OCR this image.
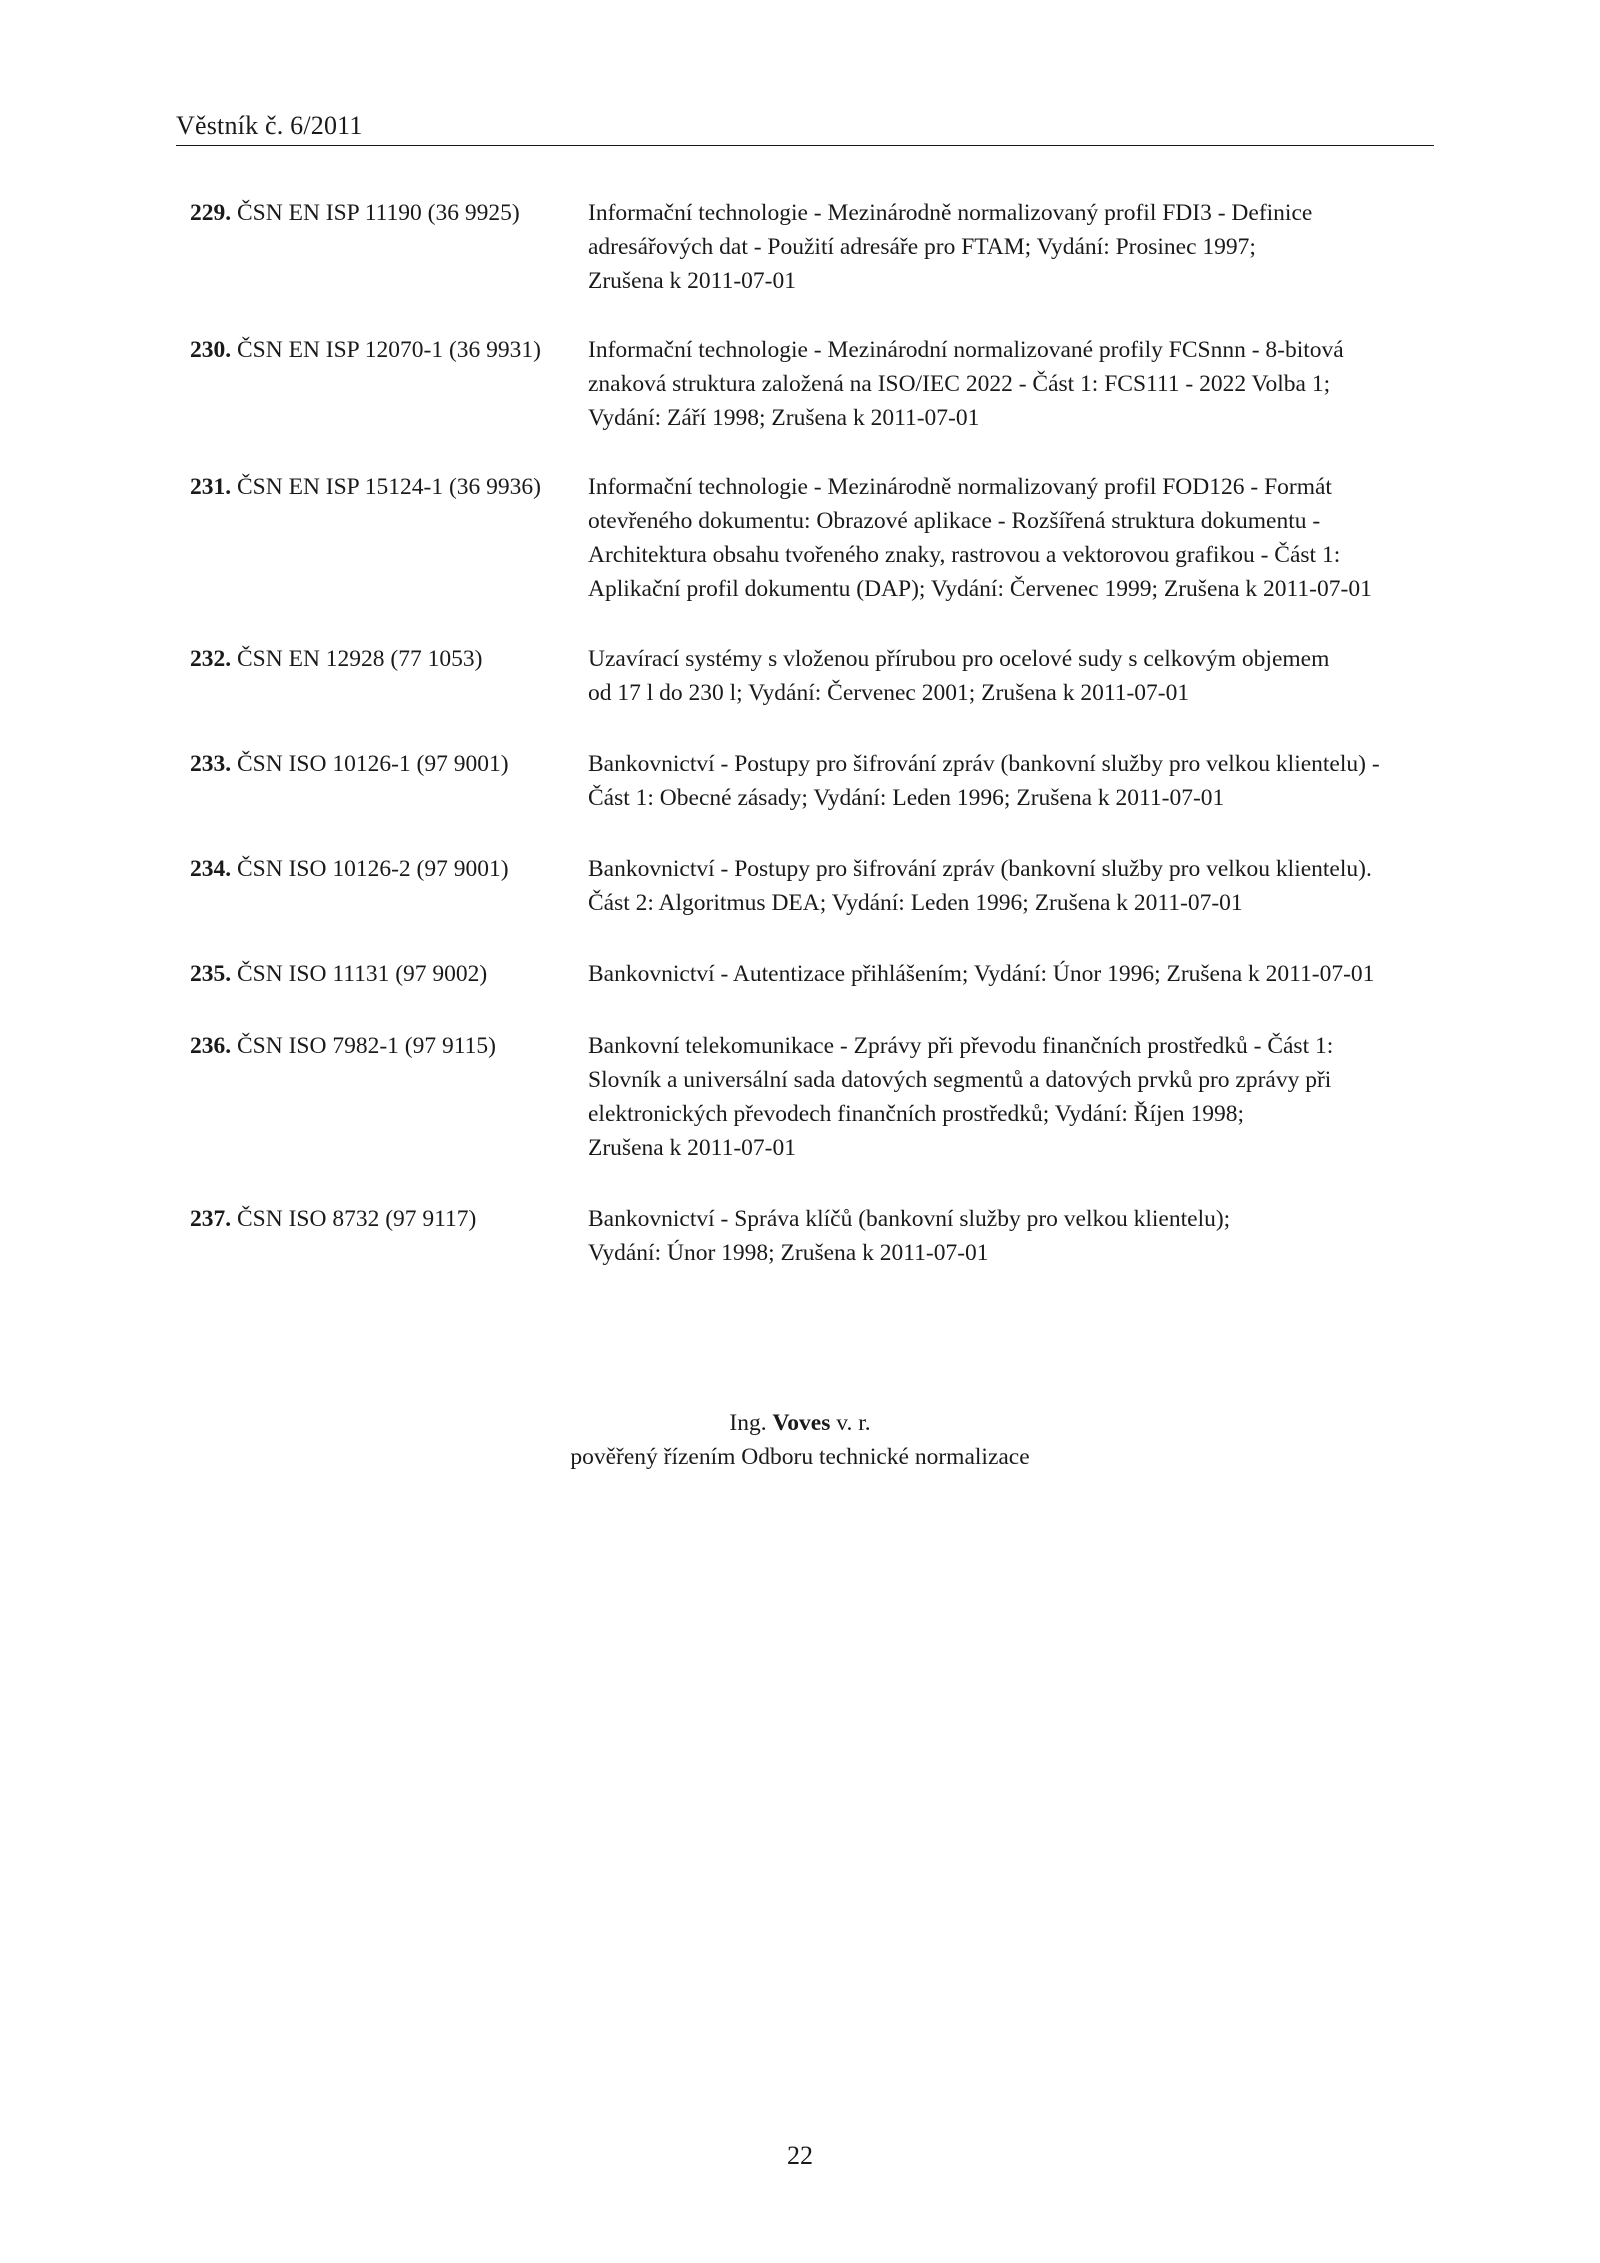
Věstník č. 6/2011
229. ČSN EN ISP 11190 (36 9925)	Informační technologie - Mezinárodně normalizovaný profil FDI3 - Definice
adresářových dat - Použití adresáře pro FTAM; Vydání: Prosinec 1997;
Zrušena k 2011-07-01
230. ČSN EN ISP 12070-1 (36 9931)	Informační technologie - Mezinárodní normalizované profily FCSnnn - 8-bitová
znaková struktura založená na ISO/IEC 2022 - Část 1: FCS111 - 2022 Volba 1;
Vydání: Září 1998; Zrušena k 2011-07-01
231. ČSN EN ISP 15124-1 (36 9936)	Informační technologie - Mezinárodně normalizovaný profil FOD126 - Formát
otevřeného dokumentu: Obrazové aplikace - Rozšířená struktura dokumentu -
Architektura obsahu tvořeného znaky, rastrovou a vektorovou grafikou - Část 1:
Aplikační profil dokumentu (DAP); Vydání: Červenec 1999; Zrušena k 2011-07-01
232. ČSN EN 12928 (77 1053)	Uzavírací systémy s vloženou přírubou pro ocelové sudy s celkovým objemem
od 17 l do 230 l; Vydání: Červenec 2001; Zrušena k 2011-07-01
233. ČSN ISO 10126-1 (97 9001)	Bankovnictví - Postupy pro šifrování zpráv (bankovní služby pro velkou klientelu) -
Část 1: Obecné zásady; Vydání: Leden 1996; Zrušena k 2011-07-01
234. ČSN ISO 10126-2 (97 9001)	Bankovnictví - Postupy pro šifrování zpráv (bankovní služby pro velkou klientelu).
Část 2: Algoritmus DEA; Vydání: Leden 1996; Zrušena k 2011-07-01
235. ČSN ISO 11131 (97 9002)	Bankovnictví - Autentizace přihlášením; Vydání: Únor 1996; Zrušena k 2011-07-01
236. ČSN ISO 7982-1 (97 9115)	Bankovní telekomunikace - Zprávy při převodu finančních prostředků - Část 1:
Slovník a universální sada datových segmentů a datových prvků pro zprávy při
elektronických převodech finančních prostředků; Vydání: Říjen 1998;
Zrušena k 2011-07-01
237. ČSN ISO 8732 (97 9117)	Bankovnictví - Správa klíčů (bankovní služby pro velkou klientelu);
Vydání: Únor 1998; Zrušena k 2011-07-01
Ing. Voves v. r.
pověřený řízením Odboru technické normalizace
22
